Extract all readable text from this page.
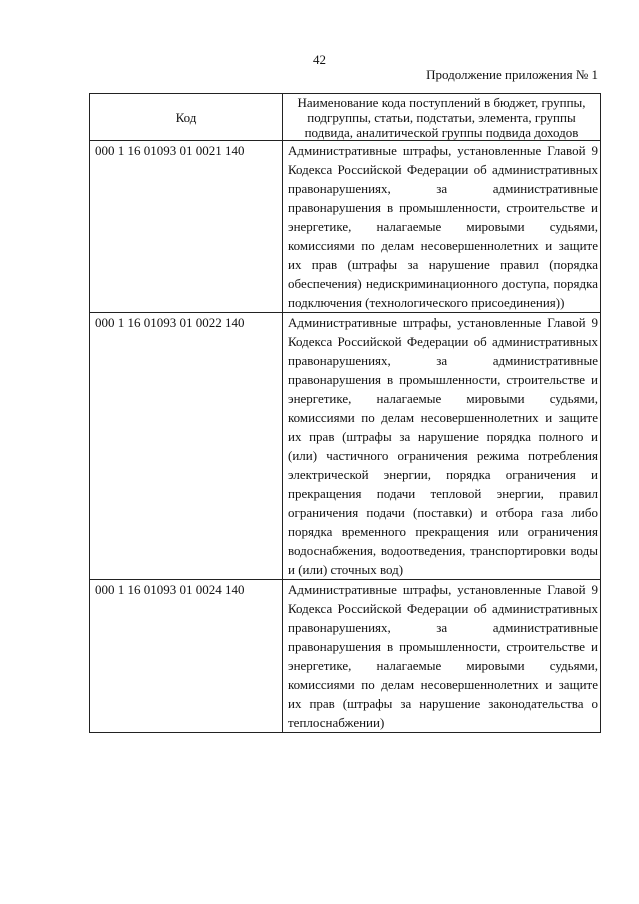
42
Продолжение приложения № 1
Код	Наименование кода поступлений в бюджет, группы, подгруппы, статьи, подстатьи, элемента, группы подвида, аналитической группы подвида доходов
000 1 16 01093 01 0021 140	Административные штрафы, установленные Главой 9 Кодекса Российской Федерации об административных правонарушениях, за административные правонарушения в промышленности, строительстве и энергетике, налагаемые мировыми судьями, комиссиями по делам несовершеннолетних и защите их прав (штрафы за нарушение правил (порядка обеспечения) недискриминационного доступа, порядка подключения (технологического присоединения))
000 1 16 01093 01 0022 140	Административные штрафы, установленные Главой 9 Кодекса Российской Федерации об административных правонарушениях, за административные правонарушения в промышленности, строительстве и энергетике, налагаемые мировыми судьями, комиссиями по делам несовершеннолетних и защите их прав (штрафы за нарушение порядка полного и (или) частичного ограничения режима потребления электрической энергии, порядка ограничения и прекращения подачи тепловой энергии, правил ограничения подачи (поставки) и отбора газа либо порядка временного прекращения или ограничения водоснабжения, водоотведения, транспортировки воды и (или) сточных вод)
000 1 16 01093 01 0024 140	Административные штрафы, установленные Главой 9 Кодекса Российской Федерации об административных правонарушениях, за административные правонарушения в промышленности, строительстве и энергетике, налагаемые мировыми судьями, комиссиями по делам несовершеннолетних и защите их прав (штрафы за нарушение законодательства о теплоснабжении)
